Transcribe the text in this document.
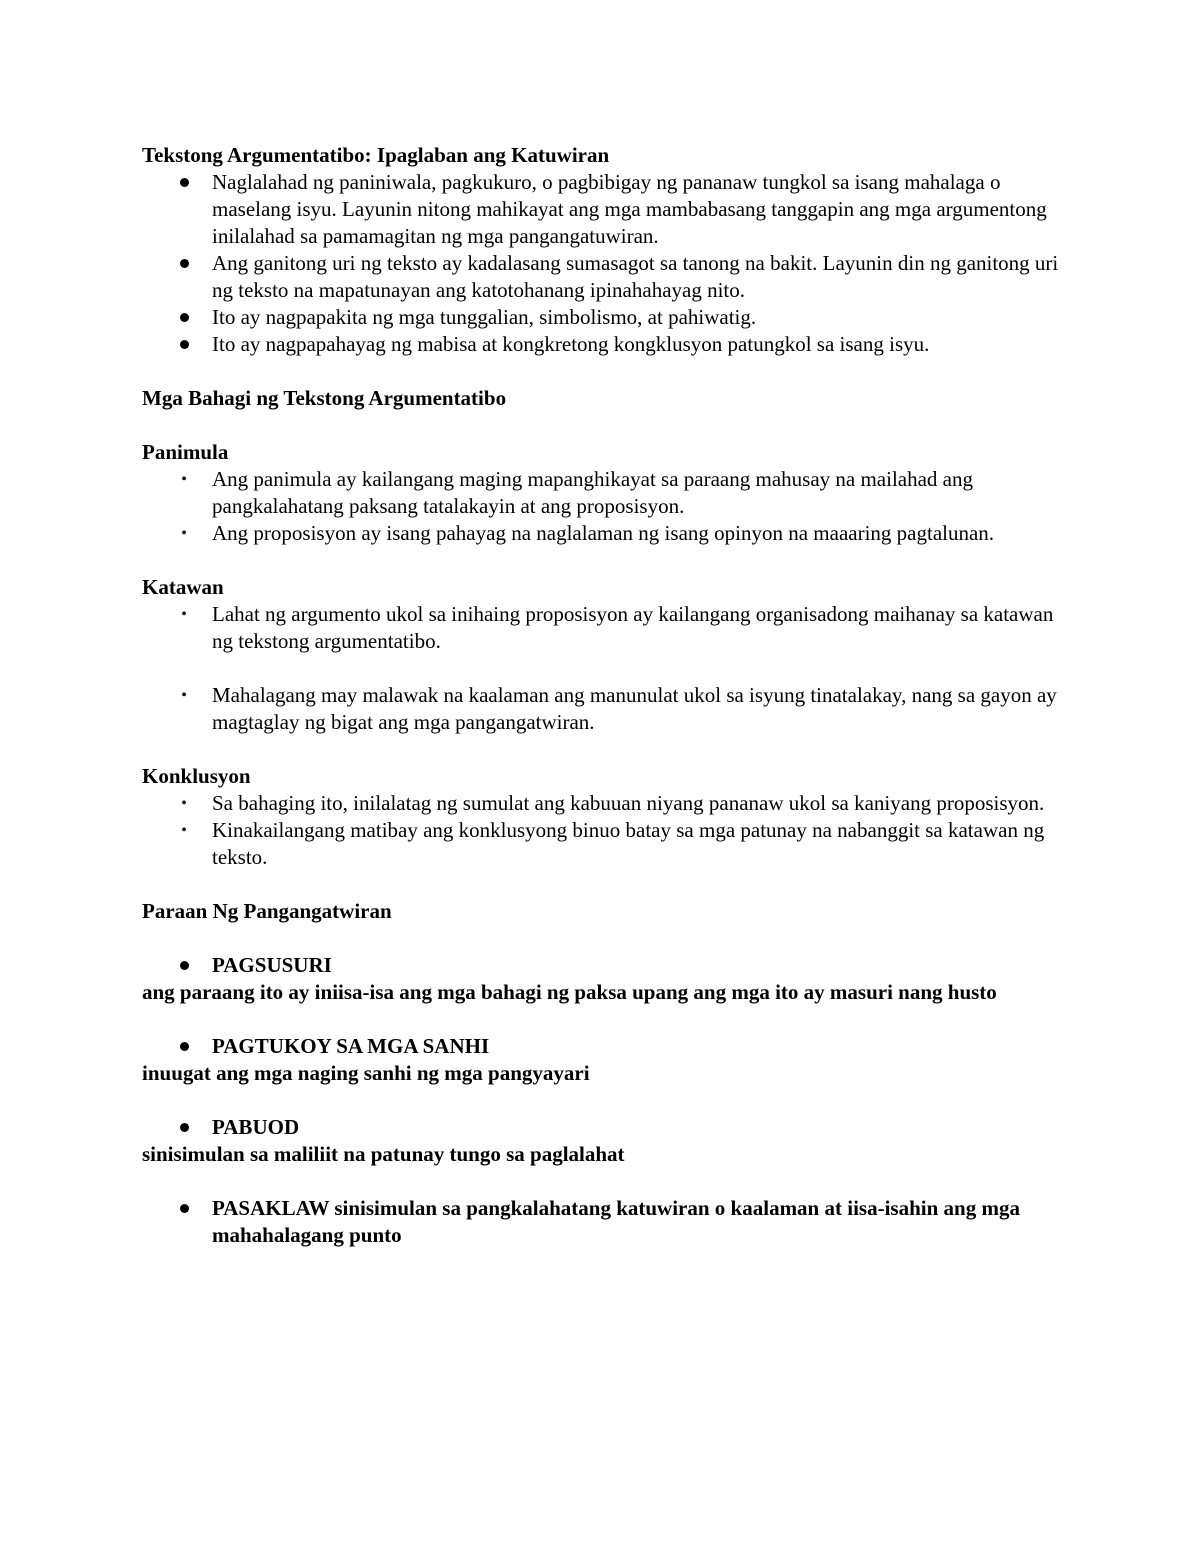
Tekstong Argumentatibo: Ipaglaban ang Katuwiran
Naglalahad ng paniniwala, pagkukuro, o pagbibigay ng pananaw tungkol sa isang mahalaga o maselang isyu. Layunin nitong mahikayat ang mga mambabasang tanggapin ang mga argumentong inilalahad sa pamamagitan ng mga pangangatuwiran.
Ang ganitong uri ng teksto ay kadalasang sumasagot sa tanong na bakit. Layunin din ng ganitong uri ng teksto na mapatunayan ang katotohanang ipinahahayag nito.
Ito ay nagpapakita ng mga tunggalian, simbolismo, at pahiwatig.
Ito ay nagpapahayag ng mabisa at kongkretong kongklusyon patungkol sa isang isyu.
Mga Bahagi ng Tekstong Argumentatibo
Panimula
•	Ang panimula ay kailangang maging mapanghikayat sa paraang mahusay na mailahad ang pangkalahatang paksang tatalakayin at ang proposisyon.
•	Ang proposisyon ay isang pahayag na naglalaman ng isang opinyon na maaaring pagtalunan.
Katawan
•	Lahat ng argumento ukol sa inihaing proposisyon ay kailangang organisadong maihanay sa katawan ng tekstong argumentatibo.
•	Mahalagang may malawak na kaalaman ang manunulat ukol sa isyung tinatalakay, nang sa gayon ay magtaglay ng bigat ang mga pangangatwiran.
Konklusyon
•	Sa bahaging ito, inilalatag ng sumulat ang kabuuan niyang pananaw ukol sa kaniyang proposisyon.
•	Kinakailangang matibay ang konklusyong binuo batay sa mga patunay na nabanggit sa katawan ng teksto.
Paraan Ng Pangangatwiran
PAGSUSURI
ang paraang ito ay iniisa-isa ang mga bahagi ng paksa upang ang mga ito ay masuri nang husto
PAGTUKOY SA MGA SANHI
inuugat ang mga naging sanhi ng mga pangyayari
PABUOD
sinisimulan sa maliliit na patunay tungo sa paglalahat
PASAKLAW sinisimulan sa pangkalahatang katuwiran o kaalaman at iisa-isahin ang mga mahahalagang punto
